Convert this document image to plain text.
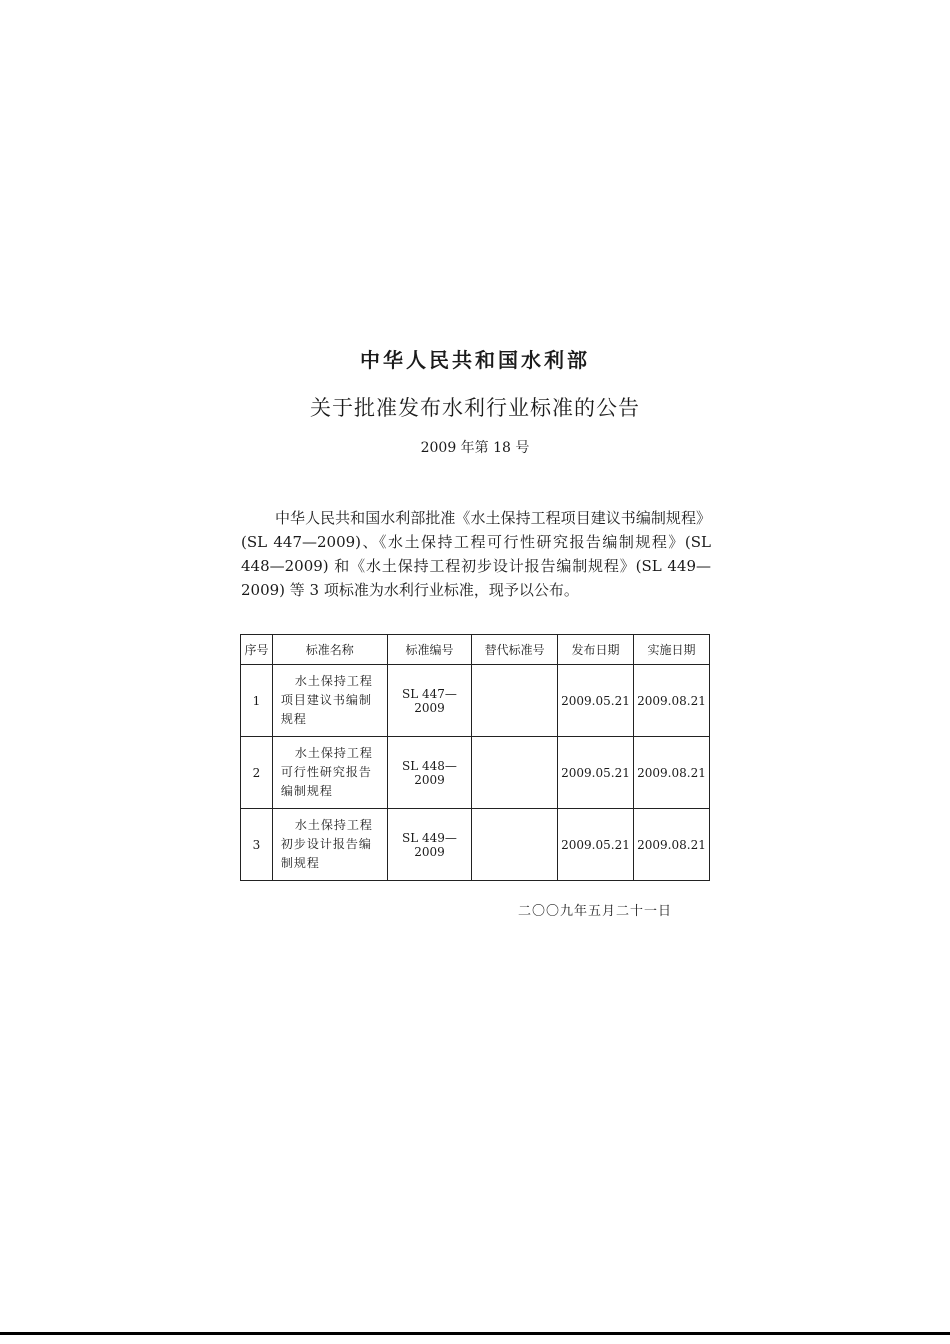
中华人民共和国水利部
关于批准发布水利行业标准的公告
2009 年第 18 号
中华人民共和国水利部批准《水土保持工程项目建议书编制规程》(SL 447—2009)、《水土保持工程可行性研究报告编制规程》(SL 448—2009) 和《水土保持工程初步设计报告编制规程》(SL 449—2009) 等 3 项标准为水利行业标准，现予以公布。
序号	标准名称	标准编号	替代标准号	发布日期	实施日期
1	水土保持工程项目建议书编制规程	SL 447—2009		2009.05.21	2009.08.21
2	水土保持工程可行性研究报告编制规程	SL 448—2009		2009.05.21	2009.08.21
3	水土保持工程初步设计报告编制规程	SL 449—2009		2009.05.21	2009.08.21
二〇〇九年五月二十一日
